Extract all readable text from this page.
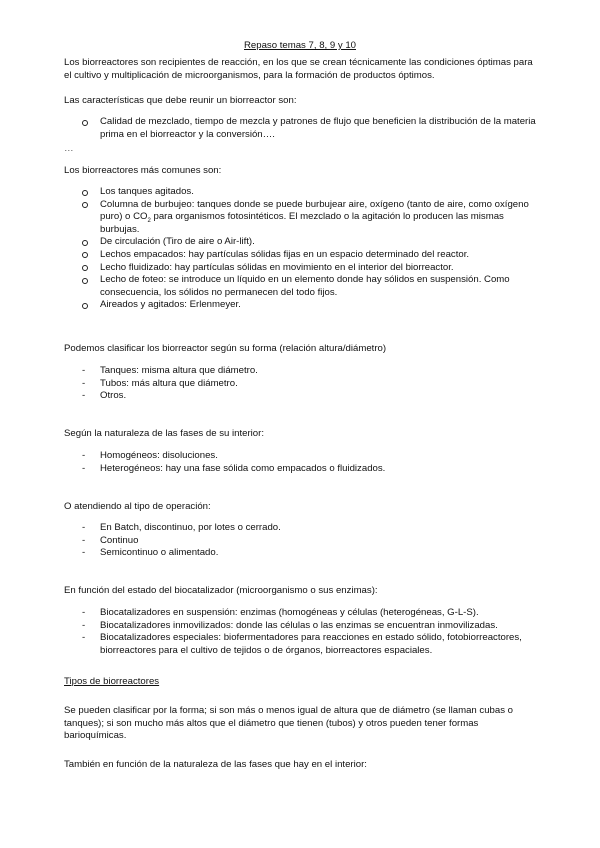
Repaso temas 7, 8, 9 y 10

Los biorreactores son recipientes de reacción, en los que se crean técnicamente las condiciones óptimas para el cultivo y multiplicación de microorganismos, para la formación de productos óptimos.

Las características que debe reunir un biorreactor son:

Calidad de mezclado, tiempo de mezcla y patrones de flujo que beneficien la distribución de la materia prima en el biorreactor y la conversión….

…

Los biorreactores más comunes son:

Los tanques agitados.
Columna de burbujeo: tanques donde se puede burbujear aire, oxígeno (tanto de aire, como oxígeno puro) o $CO_2$ para organismos fotosintéticos. El mezclado o la agitación lo producen las mismas burbujas.
De circulación (Tiro de aire o Air-lift).
Lechos empacados: hay partículas sólidas fijas en un espacio determinado del reactor.
Lecho fluidizado: hay partículas sólidas en movimiento en el interior del biorreactor.
Lecho de foteo: se introduce un líquido en un elemento donde hay sólidos en suspensión. Como consecuencia, los sólidos no permanecen del todo fijos.
Aireados y agitados: Erlenmeyer.

Podemos clasificar los biorreactor según su forma (relación altura/diámetro)

-	Tanques: misma altura que diámetro.
-	Tubos: más altura que diámetro.
-	Otros.

Según la naturaleza de las fases de su interior:

-	Homogéneos: disoluciones.
-	Heterogéneos: hay una fase sólida como empacados o fluidizados.

O atendiendo al tipo de operación:

-	En Batch, discontinuo, por lotes o cerrado.
-	Continuo
-	Semicontinuo o alimentado.

En función del estado del biocatalizador (microorganismo o sus enzimas):

-	Biocatalizadores en suspensión: enzimas (homogéneas y células (heterogéneas, G-L-S).
-	Biocatalizadores inmovilizados: donde las células o las enzimas se encuentran inmovilizadas.
-	Biocatalizadores especiales: biofermentadores para reacciones en estado sólido, fotobiorreactores, biorreactores para el cultivo de tejidos o de órganos, biorreactores espaciales.

Tipos de biorreactores

Se pueden clasificar por la forma; si son más o menos igual de altura que de diámetro (se llaman cubas o tanques); si son mucho más altos que el diámetro que tienen (tubos) y otros pueden tener formas barioquímicas.

También en función de la naturaleza de las fases que hay en el interior:
